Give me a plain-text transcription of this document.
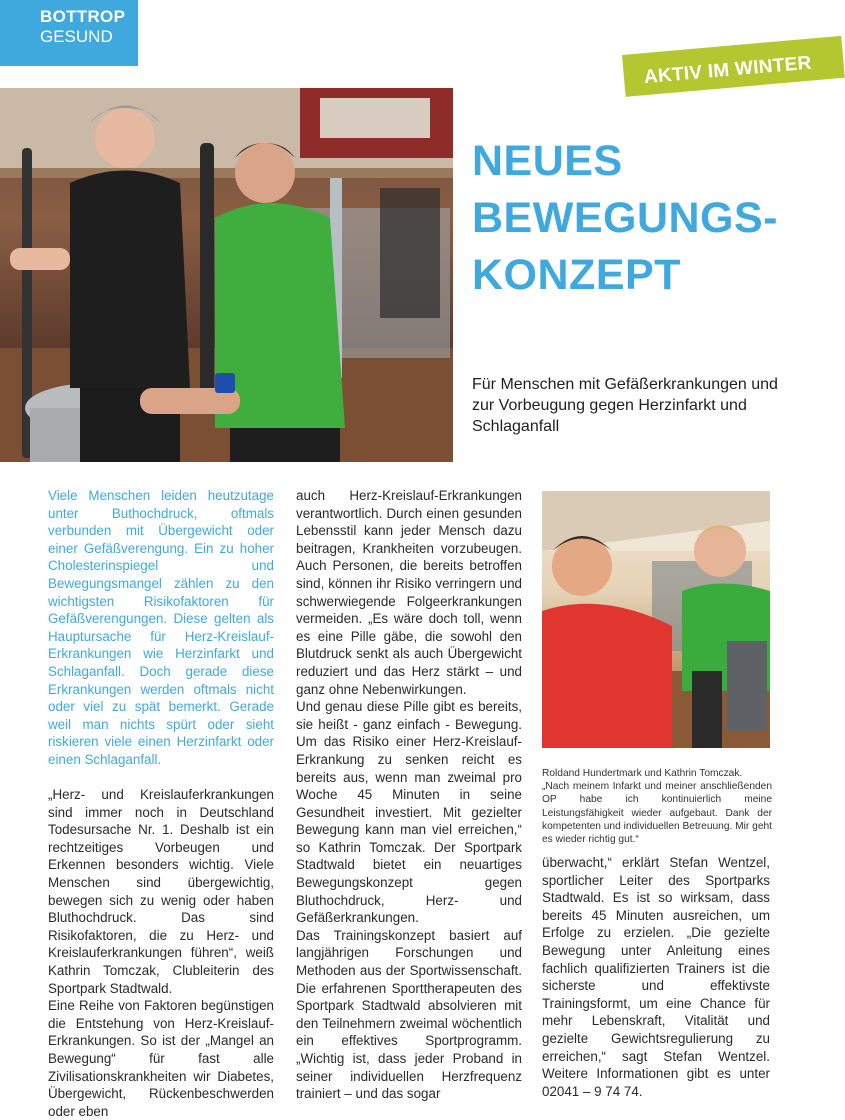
BOTTROP
GESUND
AKTIV IM WINTER
NEUES
BEWEGUNGS-
KONZEPT
Für Menschen mit Gefäßerkrankungen und zur Vorbeugung gegen Herzinfarkt und Schlaganfall

Viele Menschen leiden heutzutage unter Buthochdruck, oftmals verbunden mit Übergewicht oder einer Gefäßverengung. Ein zu hoher Cholesterinspiegel und Bewegungsmangel zählen zu den wichtigsten Risikofaktoren für Gefäßverengungen. Diese gelten als Hauptursache für Herz-Kreislauf-Erkrankungen wie Herzinfarkt und Schlaganfall. Doch gerade diese Erkrankungen werden oftmals nicht oder viel zu spät bemerkt. Gerade weil man nichts spürt oder sieht riskieren viele einen Herzinfarkt oder einen Schlaganfall.

„Herz- und Kreislauferkrankungen sind immer noch in Deutschland Todesursache Nr. 1. Deshalb ist ein rechtzeitiges Vorbeugen und Erkennen besonders wichtig. Viele Menschen sind übergewichtig, bewegen sich zu wenig oder haben Bluthochdruck. Das sind Risikofaktoren, die zu Herz- und Kreislauferkrankungen führen“, weiß Kathrin Tomczak, Clubleiterin des Sportpark Stadtwald.

Eine Reihe von Faktoren begünstigen die Entstehung von Herz-Kreislauf-Erkrankungen. So ist der „Mangel an Bewegung“ für fast alle Zivilisationskrankheiten wir Diabetes, Übergewicht, Rückenbeschwerden oder eben

auch Herz-Kreislauf-Erkrankungen verantwortlich. Durch einen gesunden Lebensstil kann jeder Mensch dazu beitragen, Krankheiten vorzubeugen. Auch Personen, die bereits betroffen sind, können ihr Risiko verringern und schwerwiegende Folgeerkrankungen vermeiden. „Es wäre doch toll, wenn es eine Pille gäbe, die sowohl den Blutdruck senkt als auch Übergewicht reduziert und das Herz stärkt – und ganz ohne Nebenwirkungen.

Und genau diese Pille gibt es bereits, sie heißt - ganz einfach - Bewegung. Um das Risiko einer Herz-Kreislauf-Erkrankung zu senken reicht es bereits aus, wenn man zweimal pro Woche 45 Minuten in seine Gesundheit investiert. Mit gezielter Bewegung kann man viel erreichen,“ so Kathrin Tomczak. Der Sportpark Stadtwald bietet ein neuartiges Bewegungskonzept gegen Bluthochdruck, Herz- und Gefäßerkrankungen.

Das Trainingskonzept basiert auf langjährigen Forschungen und Methoden aus der Sportwissenschaft. Die erfahrenen Sporttherapeuten des Sportpark Stadtwald absolvieren mit den Teilnehmern zweimal wöchentlich ein effektives Sportprogramm. „Wichtig ist, dass jeder Proband in seiner individuellen Herzfrequenz trainiert – und das sogar

Roldand Hundertmark und Kathrin Tomczak.

„Nach meinem Infarkt und meiner anschließenden OP habe ich kontinuierlich meine Leistungsfähigkeit wieder aufgebaut. Dank der kompetenten und individuellen Betreuung. Mir geht es wieder richtig gut.“

überwacht,“ erklärt Stefan Wentzel, sportlicher Leiter des Sportparks Stadtwald. Es ist so wirksam, dass bereits 45 Minuten ausreichen, um Erfolge zu erzielen. „Die gezielte Bewegung unter Anleitung eines fachlich qualifizierten Trainers ist die sicherste und effektivste Trainingsformt, um eine Chance für mehr Lebenskraft, Vitalität und gezielte Gewichtsregulierung zu erreichen,“ sagt Stefan Wentzel. Weitere Informationen gibt es unter 02041 – 9 74 74.
